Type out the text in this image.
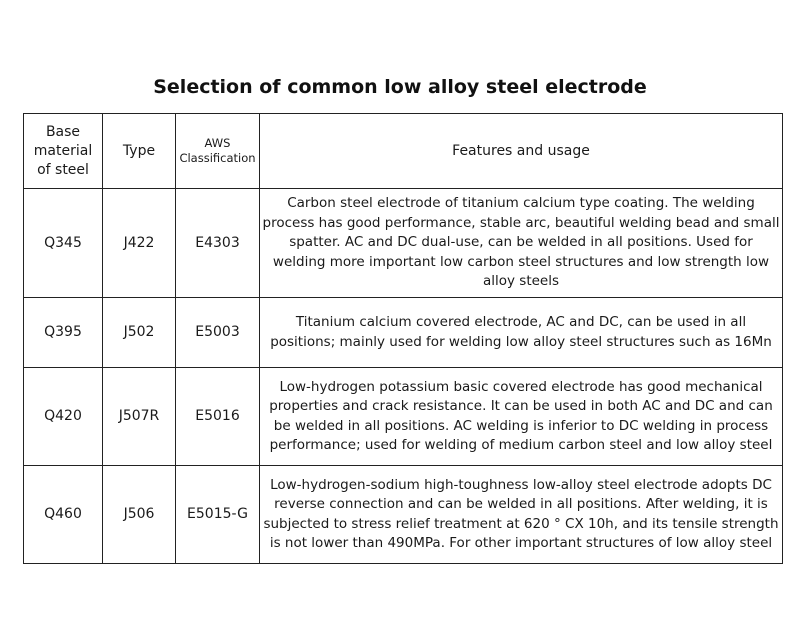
Selection of common low alloy steel electrode
Base material of steel	Type	AWS Classification	Features and usage
Q345	J422	E4303	Carbon steel electrode of titanium calcium type coating. The welding process has good performance, stable arc, beautiful welding bead and small spatter. AC and DC dual-use, can be welded in all positions. Used for welding more important low carbon steel structures and low strength low alloy steels
Q395	J502	E5003	Titanium calcium covered electrode, AC and DC, can be used in all positions; mainly used for welding low alloy steel structures such as 16Mn
Q420	J507R	E5016	Low-hydrogen potassium basic covered electrode has good mechanical properties and crack resistance. It can be used in both AC and DC and can be welded in all positions. AC welding is inferior to DC welding in process performance; used for welding of medium carbon steel and low alloy steel

Q460	J506	E5015-G	Low-hydrogen-sodium high-toughness low-alloy steel electrode adopts DC reverse connection and can be welded in all positions. After welding, it is subjected to stress relief treatment at 620 ° CX 10h, and its tensile strength is not lower than 490MPa. For other important structures of low alloy steel
